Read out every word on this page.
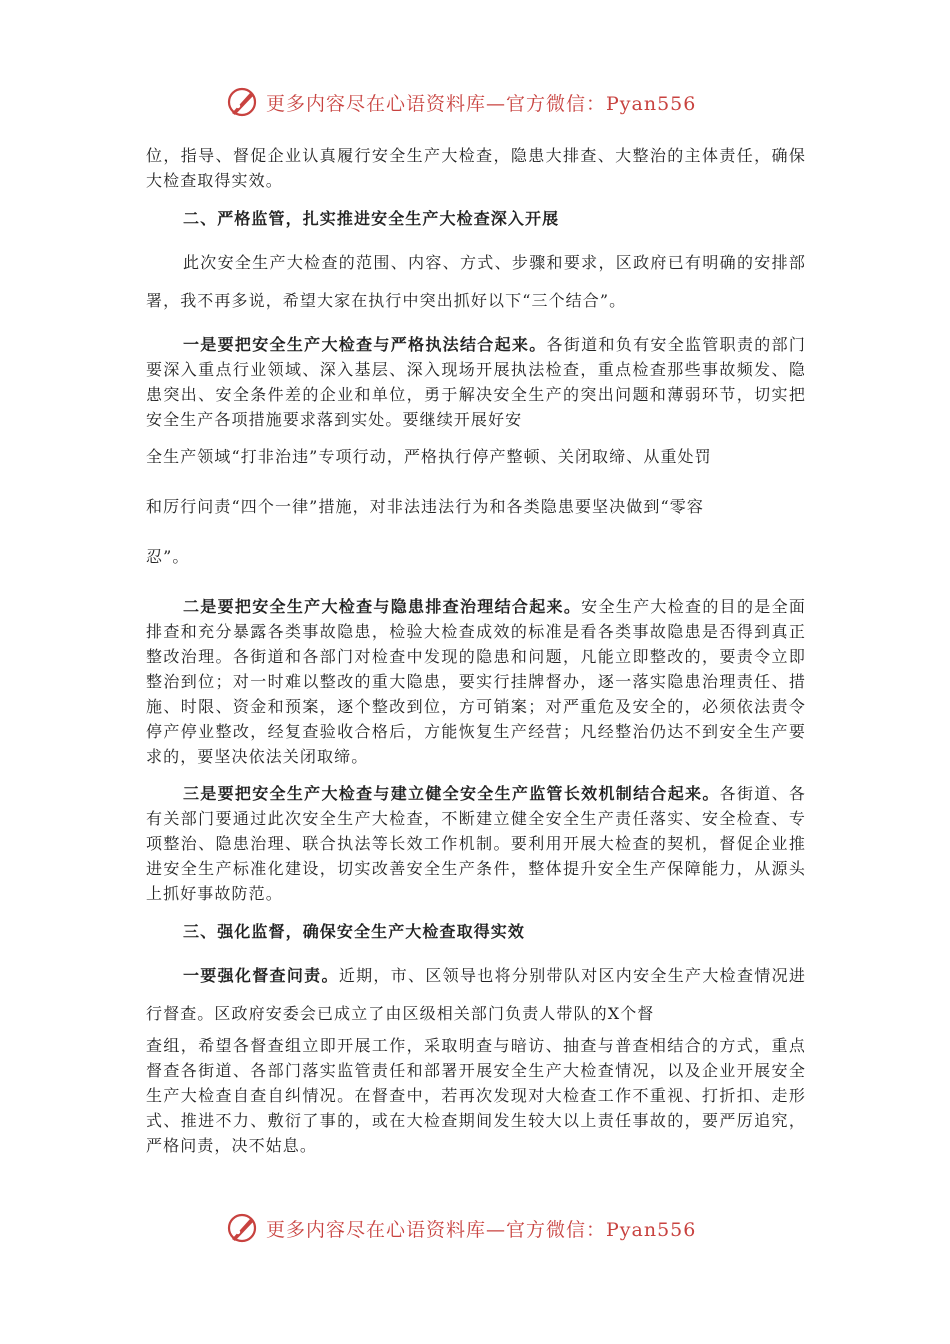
更多内容尽在心语资料库—官方微信：Pyan556

位，指导、督促企业认真履行安全生产大检查，隐患大排查、大整治的主体责任，确保大检查取得实效。

二、严格监管，扎实推进安全生产大检查深入开展

此次安全生产大检查的范围、内容、方式、步骤和要求，区政府已有明确的安排部署，我不再多说，希望大家在执行中突出抓好以下“三个结合”。

一是要把安全生产大检查与严格执法结合起来。各街道和负有安全监管职责的部门要深入重点行业领域、深入基层、深入现场开展执法检查，重点检查那些事故频发、隐患突出、安全条件差的企业和单位，勇于解决安全生产的突出问题和薄弱环节，切实把安全生产各项措施要求落到实处。要继续开展好安

全生产领域“打非治违”专项行动，严格执行停产整顿、关闭取缔、从重处罚

和厉行问责“四个一律”措施，对非法违法行为和各类隐患要坚决做到“零容

忍”。

二是要把安全生产大检查与隐患排查治理结合起来。安全生产大检查的目的是全面排查和充分暴露各类事故隐患，检验大检查成效的标准是看各类事故隐患是否得到真正整改治理。各街道和各部门对检查中发现的隐患和问题，凡能立即整改的，要责令立即整治到位；对一时难以整改的重大隐患，要实行挂牌督办，逐一落实隐患治理责任、措施、时限、资金和预案，逐个整改到位，方可销案；对严重危及安全的，必须依法责令停产停业整改，经复查验收合格后，方能恢复生产经营；凡经整治仍达不到安全生产要求的，要坚决依法关闭取缔。

三是要把安全生产大检查与建立健全安全生产监管长效机制结合起来。各街道、各有关部门要通过此次安全生产大检查，不断建立健全安全生产责任落实、安全检查、专项整治、隐患治理、联合执法等长效工作机制。要利用开展大检查的契机，督促企业推进安全生产标准化建设，切实改善安全生产条件，整体提升安全生产保障能力，从源头上抓好事故防范。

三、强化监督，确保安全生产大检查取得实效

一要强化督查问责。近期，市、区领导也将分别带队对区内安全生产大检查情况进行督查。区政府安委会已成立了由区级相关部门负责人带队的X个督

查组，希望各督查组立即开展工作，采取明查与暗访、抽查与普查相结合的方式，重点督查各街道、各部门落实监管责任和部署开展安全生产大检查情况，以及企业开展安全生产大检查自查自纠情况。在督查中，若再次发现对大检查工作不重视、打折扣、走形式、推进不力、敷衍了事的，或在大检查期间发生较大以上责任事故的，要严厉追究，严格问责，决不姑息。

更多内容尽在心语资料库—官方微信：Pyan556
